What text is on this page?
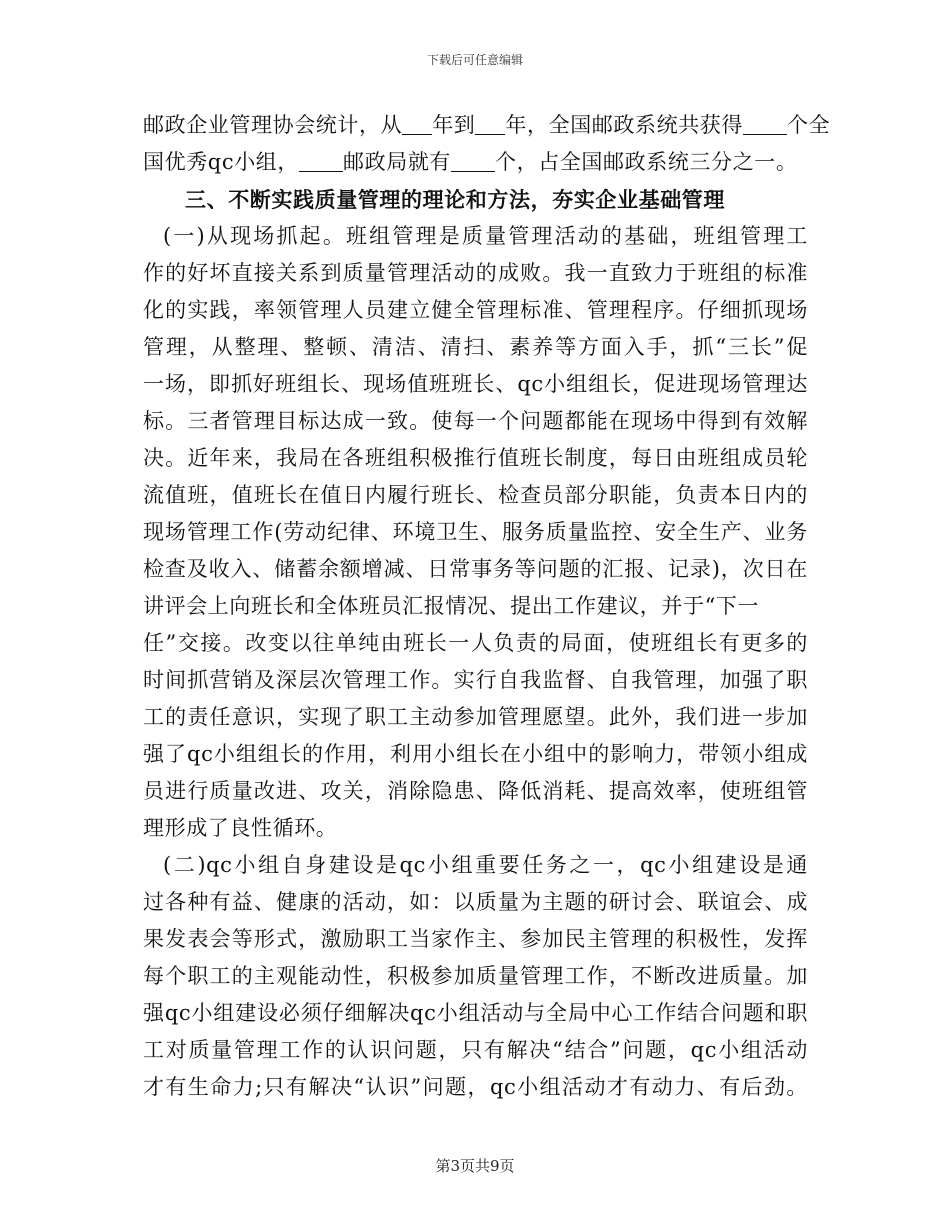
下载后可任意编辑
邮政企业管理协会统计，从 年到 年，全国邮政系统共获得 个全
国优秀qc小组， 邮政局就有 个，占全国邮政系统三分之一。
三、不断实践质量管理的理论和方法，夯实企业基础管理
(一)从现场抓起。班组管理是质量管理活动的基础，班组管理工
作的好坏直接关系到质量管理活动的成败。我一直致力于班组的标准
化的实践，率领管理人员建立健全管理标准、管理程序。仔细抓现场
管理，从整理、整顿、清洁、清扫、素养等方面入手，抓“三长”促
一场，即抓好班组长、现场值班班长、qc小组组长，促进现场管理达
标。三者管理目标达成一致。使每一个问题都能在现场中得到有效解
决。近年来，我局在各班组积极推行值班长制度，每日由班组成员轮
流值班，值班长在值日内履行班长、检查员部分职能，负责本日内的
现场管理工作(劳动纪律、环境卫生、服务质量监控、安全生产、业务
检查及收入、储蓄余额增减、日常事务等问题的汇报、记录)，次日在
讲评会上向班长和全体班员汇报情况、提出工作建议，并于“下一
任”交接。改变以往单纯由班长一人负责的局面，使班组长有更多的
时间抓营销及深层次管理工作。实行自我监督、自我管理，加强了职
工的责任意识，实现了职工主动参加管理愿望。此外，我们进一步加
强了qc小组组长的作用，利用小组长在小组中的影响力，带领小组成
员进行质量改进、攻关，消除隐患、降低消耗、提高效率，使班组管
理形成了良性循环。
(二)qc小组自身建设是qc小组重要任务之一，qc小组建设是通
过各种有益、健康的活动，如：以质量为主题的研讨会、联谊会、成
果发表会等形式，激励职工当家作主、参加民主管理的积极性，发挥
每个职工的主观能动性，积极参加质量管理工作，不断改进质量。加
强qc小组建设必须仔细解决qc小组活动与全局中心工作结合问题和职
工对质量管理工作的认识问题，只有解决“结合”问题，qc小组活动
才有生命力;只有解决“认识”问题，qc小组活动才有动力、有后劲。
第3页共9页
